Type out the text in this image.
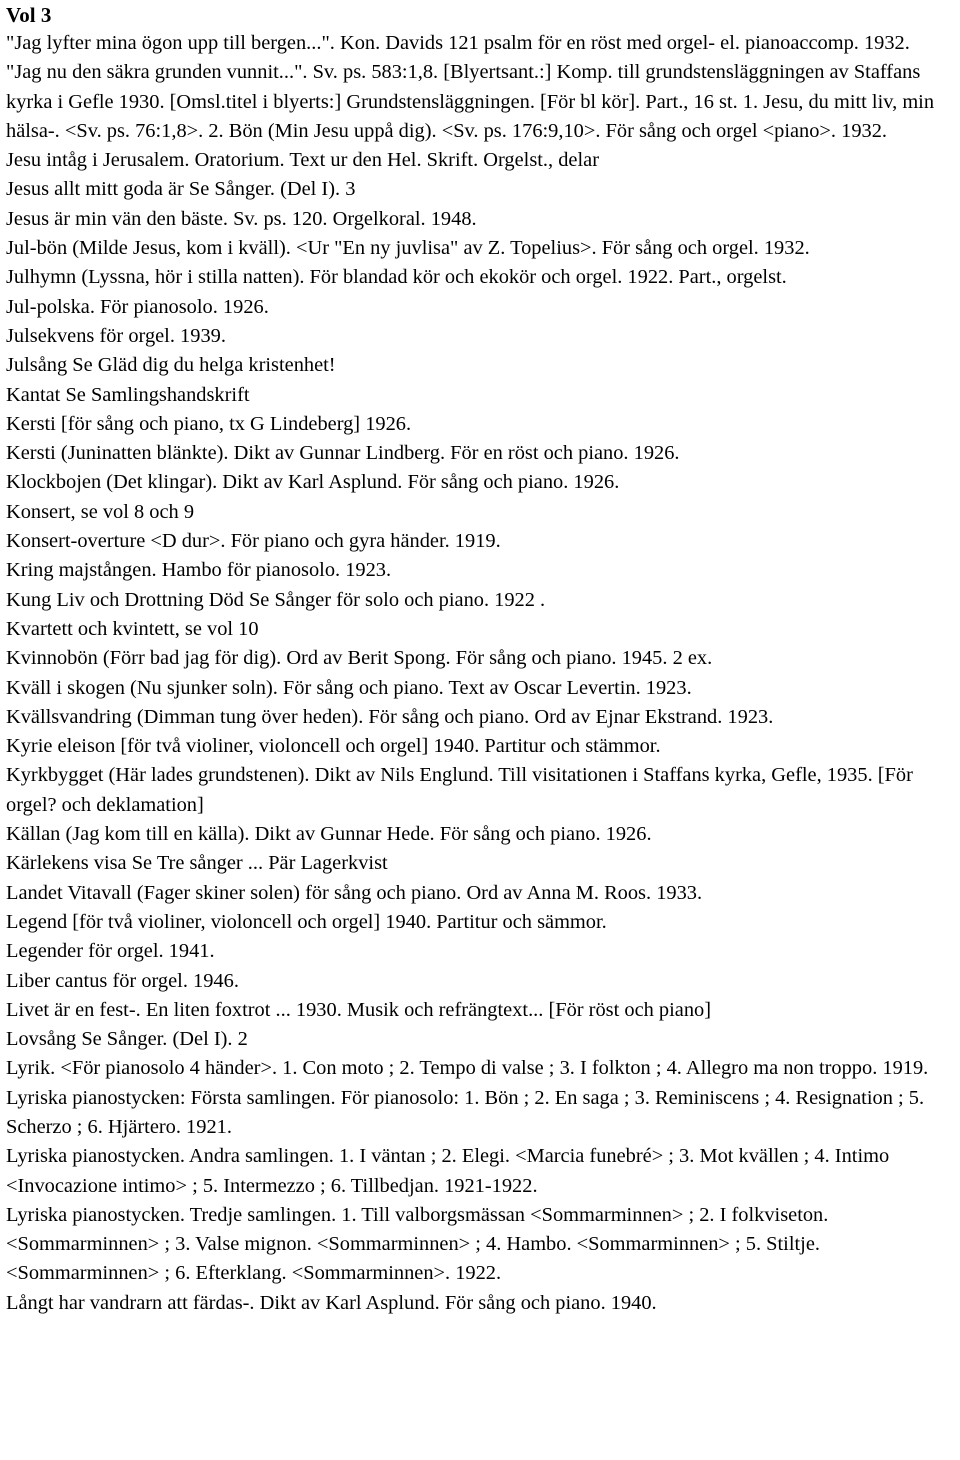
Vol 3
"Jag lyfter mina ögon upp till bergen...". Kon. Davids 121 psalm för en röst med orgel- el. pianoaccomp. 1932.
"Jag nu den säkra grunden vunnit...". Sv. ps. 583:1,8. [Blyertsant.:] Komp. till grundstensläggningen av Staffans kyrka i Gefle 1930. [Omsl.titel i blyerts:] Grundstensläggningen. [För bl kör]. Part., 16 st. 1. Jesu, du mitt liv, min hälsa-. <Sv. ps. 76:1,8>. 2. Bön (Min Jesu uppå dig). <Sv. ps. 176:9,10>. För sång och orgel <piano>. 1932.
Jesu intåg i Jerusalem. Oratorium. Text ur den Hel. Skrift. Orgelst., delar
Jesus allt mitt goda är Se Sånger. (Del I). 3
Jesus är min vän den bäste. Sv. ps. 120. Orgelkoral. 1948.
Jul-bön (Milde Jesus, kom i kväll). <Ur "En ny juvlisa" av Z. Topelius>. För sång och orgel. 1932.
Julhymn (Lyssna, hör i stilla natten). För blandad kör och ekokör och orgel. 1922. Part., orgelst.
Jul-polska. För pianosolo. 1926.
Julsekvens för orgel. 1939.
Julsång Se Gläd dig du helga kristenhet!
Kantat Se Samlingshandskrift
Kersti [för sång och piano, tx G Lindeberg] 1926.
Kersti (Juninatten blänkte). Dikt av Gunnar Lindberg. För en röst och piano. 1926.
Klockbojen (Det klingar). Dikt av Karl Asplund. För sång och piano. 1926.
Konsert, se vol 8 och 9
Konsert-overture <D dur>. För piano och gyra händer. 1919.
Kring majstången. Hambo för pianosolo. 1923.
Kung Liv och Drottning Död Se Sånger för solo och piano. 1922 .
Kvartett och kvintett, se vol 10
Kvinnobön (Förr bad jag för dig). Ord av Berit Spong. För sång och piano. 1945. 2 ex.
Kväll i skogen (Nu sjunker soln). För sång och piano. Text av Oscar Levertin. 1923.
Kvällsvandring (Dimman tung över heden). För sång och piano. Ord av Ejnar Ekstrand. 1923.
Kyrie eleison [för två violiner, violoncell och orgel] 1940. Partitur och stämmor.
Kyrkbygget (Här lades grundstenen). Dikt av Nils Englund. Till visitationen i Staffans kyrka, Gefle, 1935. [För orgel? och deklamation]
Källan (Jag kom till en källa). Dikt av Gunnar Hede. För sång och piano. 1926.
Kärlekens visa Se Tre sånger ... Pär Lagerkvist
Landet Vitavall (Fager skiner solen) för sång och piano. Ord av Anna M. Roos. 1933.
Legend [för två violiner, violoncell och orgel] 1940. Partitur och sämmor.
Legender för orgel. 1941.
Liber cantus för orgel. 1946.
Livet är en fest-. En liten foxtrot ... 1930. Musik och refrängtext... [För röst och piano]
Lovsång Se Sånger. (Del I). 2
Lyrik. <För pianosolo 4 händer>. 1. Con moto ; 2. Tempo di valse ; 3. I folkton ; 4. Allegro ma non troppo. 1919.
Lyriska pianostycken: Första samlingen. För pianosolo: 1. Bön ; 2. En saga ; 3. Reminiscens ; 4. Resignation ; 5. Scherzo ; 6. Hjärtero. 1921.
Lyriska pianostycken. Andra samlingen. 1. I väntan ; 2. Elegi. <Marcia funebré> ; 3. Mot kvällen ; 4. Intimo <Invocazione intimo> ; 5. Intermezzo ; 6. Tillbedjan. 1921-1922.
Lyriska pianostycken. Tredje samlingen. 1. Till valborgsmässan <Sommarminnen> ; 2. I folkviseton. <Sommarminnen> ; 3. Valse mignon. <Sommarminnen> ; 4. Hambo. <Sommarminnen> ; 5. Stiltje. <Sommarminnen> ; 6. Efterklang. <Sommarminnen>. 1922.
Långt har vandrarn att färdas-. Dikt av Karl Asplund. För sång och piano. 1940.
